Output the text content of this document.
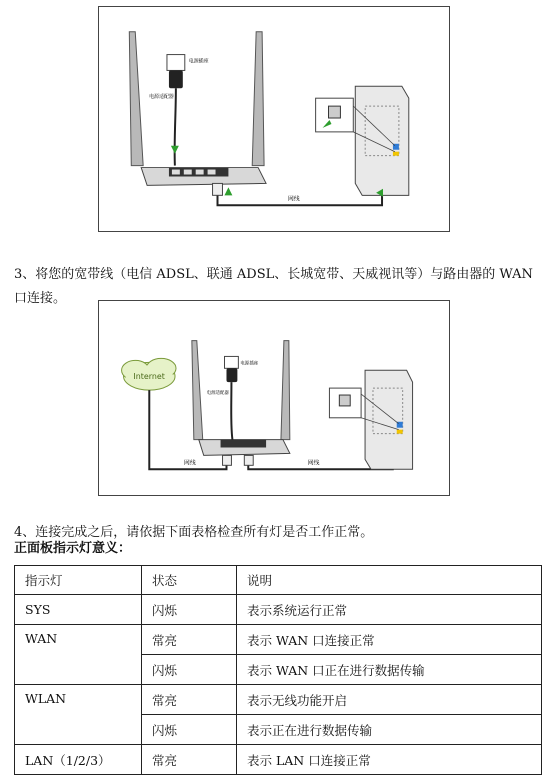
电源插座
电源适配器
网线

3、将您的宽带线（电信 ADSL、联通 ADSL、长城宽带、天威视讯等）与路由器的 WAN 口连接。

Internet
电源插座
电源适配器
网线	网线

4、连接完成之后，请依据下面表格检查所有灯是否工作正常。

正面板指示灯意义：
指示灯	状态	说明
SYS	闪烁	表示系统运行正常
WAN	常亮	表示 WAN 口连接正常
	闪烁	表示 WAN 口正在进行数据传输
WLAN	常亮	表示无线功能开启
	闪烁	表示正在进行数据传输
LAN（1/2/3）	常亮	表示 LAN 口连接正常
